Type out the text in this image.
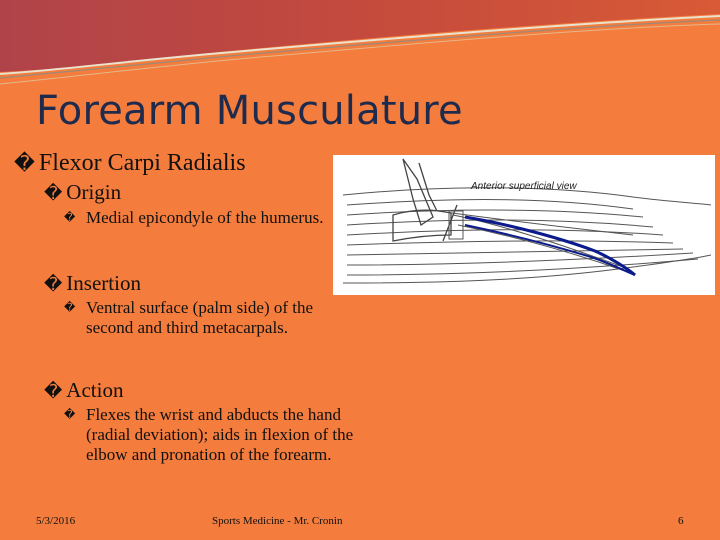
Forearm Musculature
� Flexor Carpi Radialis
� Origin
� Medial epicondyle of the humerus.
� Insertion
� Ventral surface (palm side) of the second and third metacarpals.
� Action
� Flexes the wrist and abducts the hand (radial deviation); aids in flexion of the elbow and pronation of the forearm.
Anterior superficial view
5/3/2016	Sports Medicine - Mr. Cronin	6
